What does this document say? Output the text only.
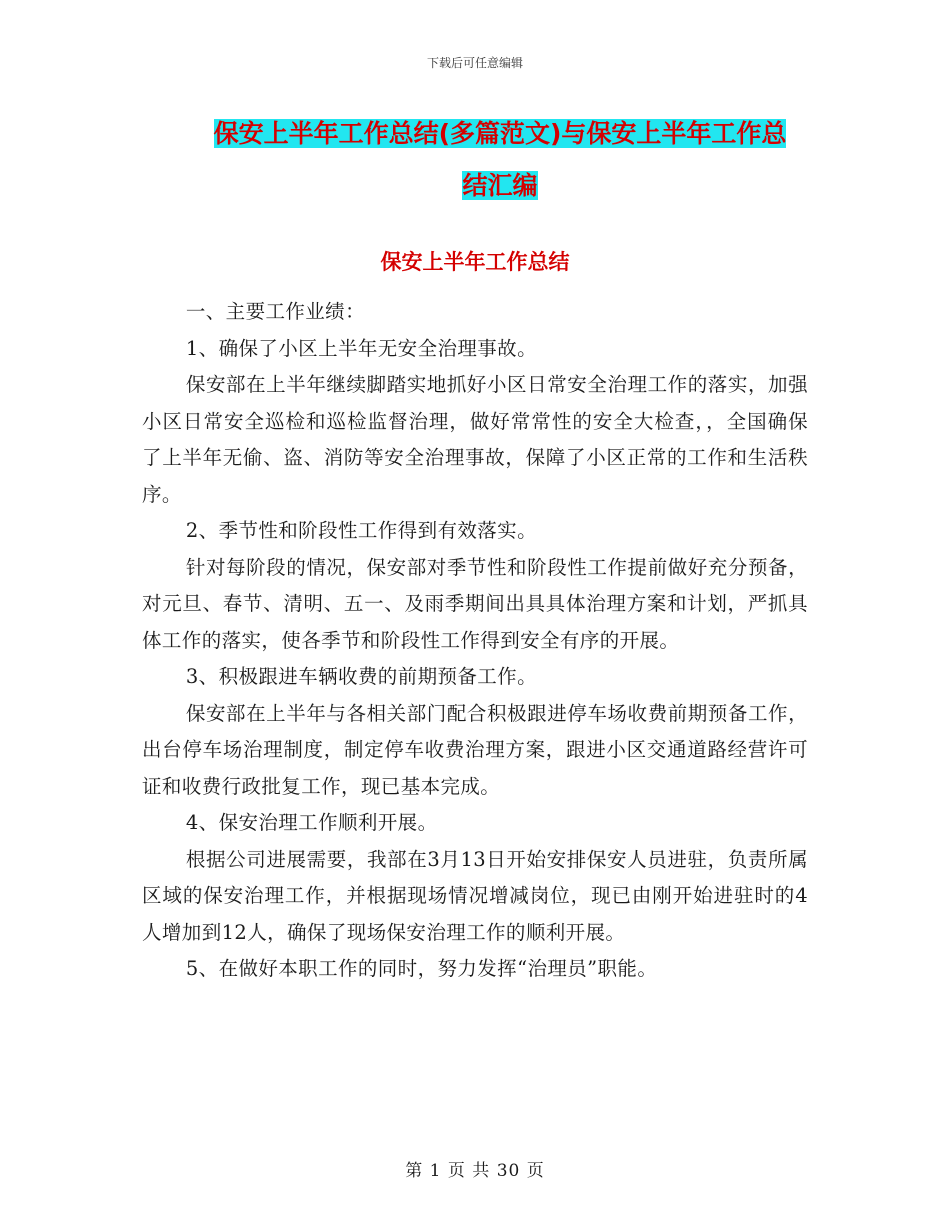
下载后可任意编辑
保安上半年工作总结(多篇范文)与保安上半年工作总
结汇编
保安上半年工作总结

一、主要工作业绩：

1、确保了小区上半年无安全治理事故。

保安部在上半年继续脚踏实地抓好小区日常安全治理工作的落实，加强小区日常安全巡检和巡检监督治理，做好常常性的安全大检查，，全国确保了上半年无偷、盗、消防等安全治理事故，保障了小区正常的工作和生活秩序。

2、季节性和阶段性工作得到有效落实。

针对每阶段的情况，保安部对季节性和阶段性工作提前做好充分预备，对元旦、春节、清明、五一、及雨季期间出具具体治理方案和计划，严抓具体工作的落实，使各季节和阶段性工作得到安全有序的开展。

3、积极跟进车辆收费的前期预备工作。

保安部在上半年与各相关部门配合积极跟进停车场收费前期预备工作，出台停车场治理制度，制定停车收费治理方案，跟进小区交通道路经营许可证和收费行政批复工作，现已基本完成。

4、保安治理工作顺利开展。

根据公司进展需要，我部在3月13日开始安排保安人员进驻，负责所属区域的保安治理工作，并根据现场情况增减岗位，现已由刚开始进驻时的4人增加到12人，确保了现场保安治理工作的顺利开展。

5、在做好本职工作的同时，努力发挥“治理员”职能。

第 1 页 共 30 页
